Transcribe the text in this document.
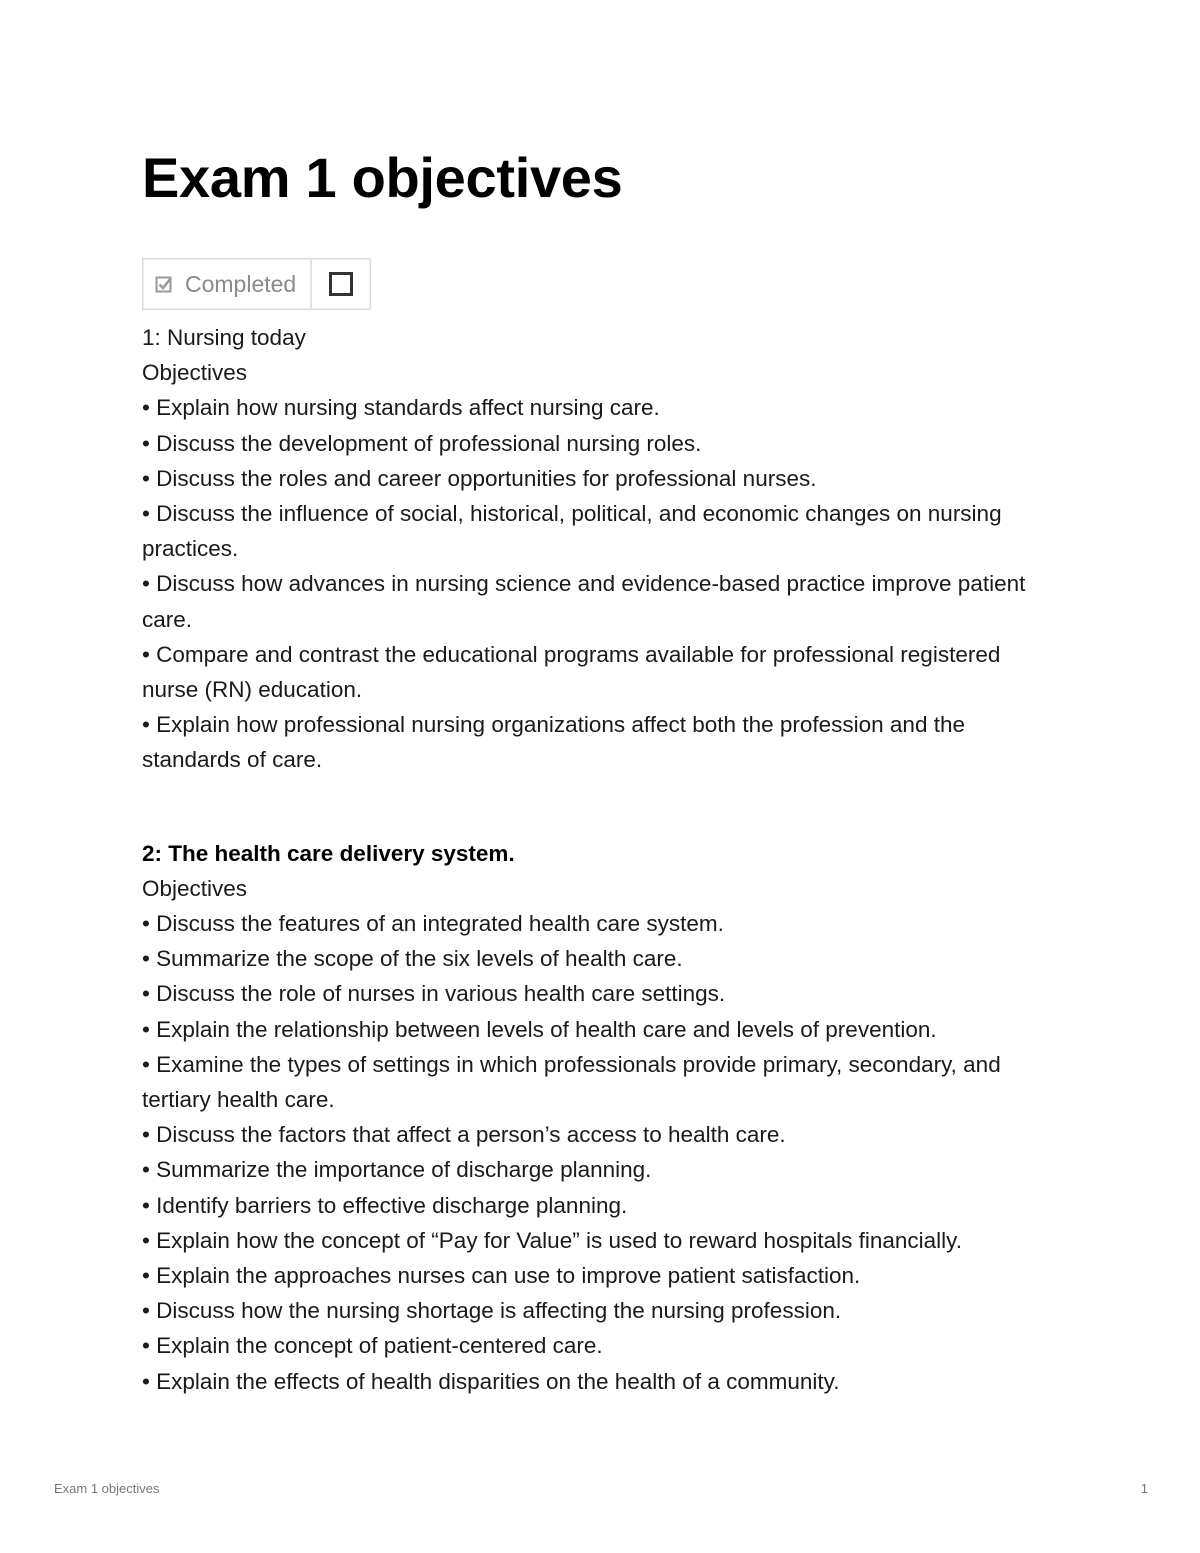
Exam 1 objectives
Completed

1: Nursing today

Objectives

• Explain how nursing standards affect nursing care.

• Discuss the development of professional nursing roles.

• Discuss the roles and career opportunities for professional nurses.

• Discuss the influence of social, historical, political, and economic changes on nursing practices.

• Discuss how advances in nursing science and evidence-based practice improve patient care.

• Compare and contrast the educational programs available for professional registered nurse (RN) education.

• Explain how professional nursing organizations affect both the profession and the standards of care.

2: The health care delivery system.

Objectives

• Discuss the features of an integrated health care system.

• Summarize the scope of the six levels of health care.

• Discuss the role of nurses in various health care settings.

• Explain the relationship between levels of health care and levels of prevention.

• Examine the types of settings in which professionals provide primary, secondary, and tertiary health care.

• Discuss the factors that affect a person’s access to health care.

• Summarize the importance of discharge planning.

• Identify barriers to effective discharge planning.

• Explain how the concept of “Pay for Value” is used to reward hospitals financially.

• Explain the approaches nurses can use to improve patient satisfaction.

• Discuss how the nursing shortage is affecting the nursing profession.

• Explain the concept of patient-centered care.

• Explain the effects of health disparities on the health of a community.

Exam 1 objectives	1
